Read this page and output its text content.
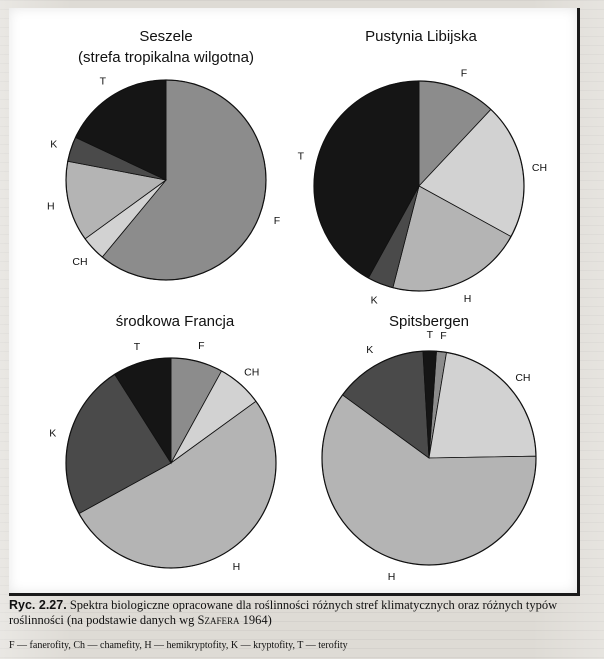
Seszele
(strefa tropikalna wilgotna)
F
CH
H
K
T
Pustynia Libijska
F
CH
H
K
T
środkowa Francja
F
CH
H
K
T
Spitsbergen
F
CH
H
K
T
Ryc. 2.27. Spektra biologiczne opracowane dla roślinności różnych stref klimatycznych oraz różnych typów roślinności (na podstawie danych wg Szafera 1964)
F — fanerofity, Ch — chamefity, H — hemikryptofity, K — kryptofity, T — terofity
